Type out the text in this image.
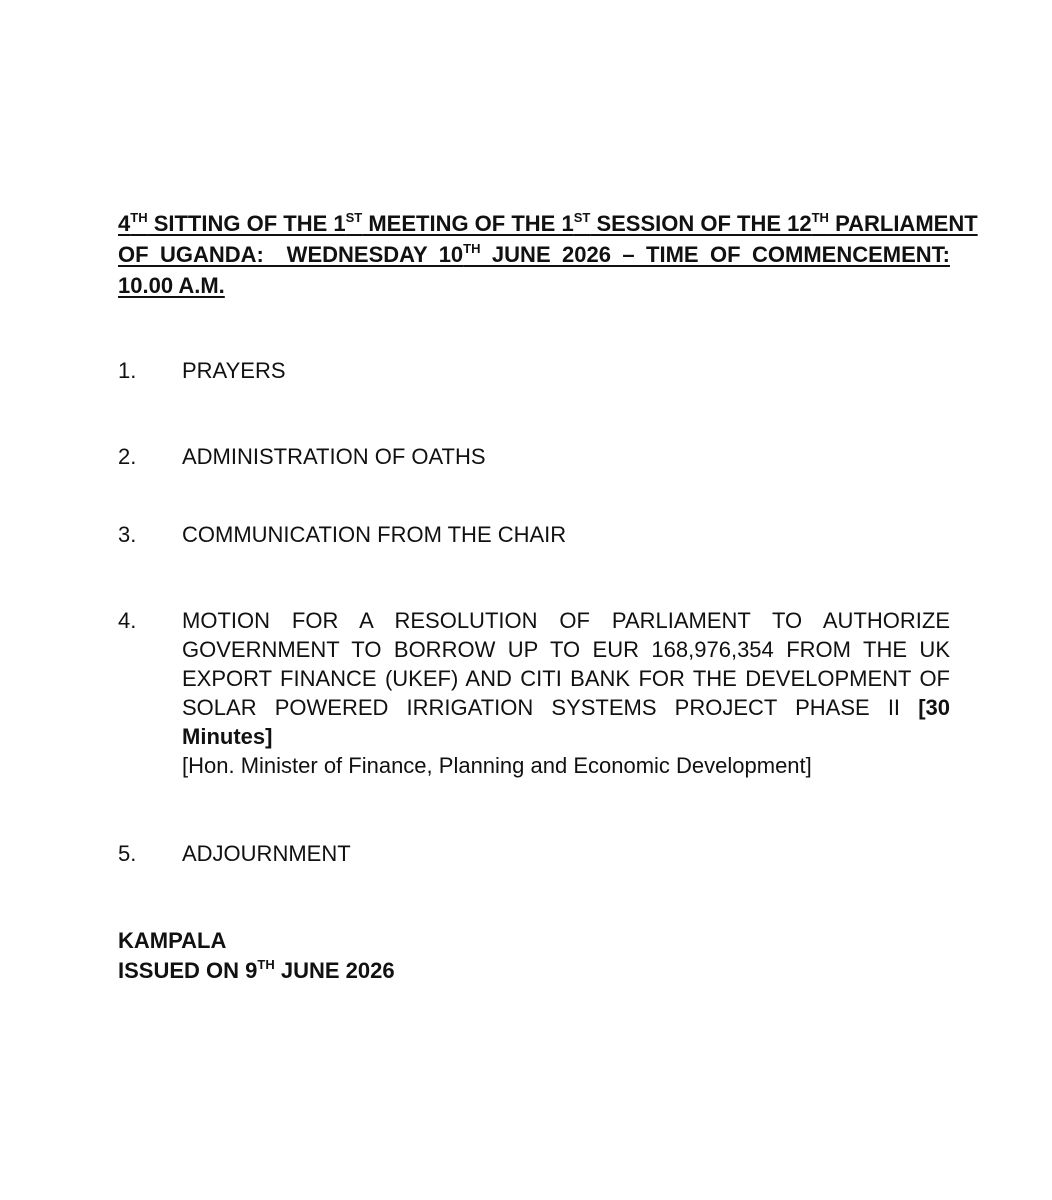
4TH SITTING OF THE 1ST MEETING OF THE 1ST SESSION OF THE 12TH PARLIAMENT
OF UGANDA:  WEDNESDAY 10TH JUNE 2026 – TIME OF COMMENCEMENT:
10.00 A.M.
1.	PRAYERS
2.	ADMINISTRATION OF OATHS
3.	COMMUNICATION FROM THE CHAIR
4.	MOTION FOR A RESOLUTION OF PARLIAMENT TO AUTHORIZE
GOVERNMENT TO BORROW UP TO EUR 168,976,354 FROM THE UK
EXPORT FINANCE (UKEF) AND CITI BANK FOR THE DEVELOPMENT OF
SOLAR POWERED IRRIGATION SYSTEMS PROJECT PHASE II [30
Minutes]
[Hon. Minister of Finance, Planning and Economic Development]
5.	ADJOURNMENT
KAMPALA
ISSUED ON 9TH JUNE 2026
